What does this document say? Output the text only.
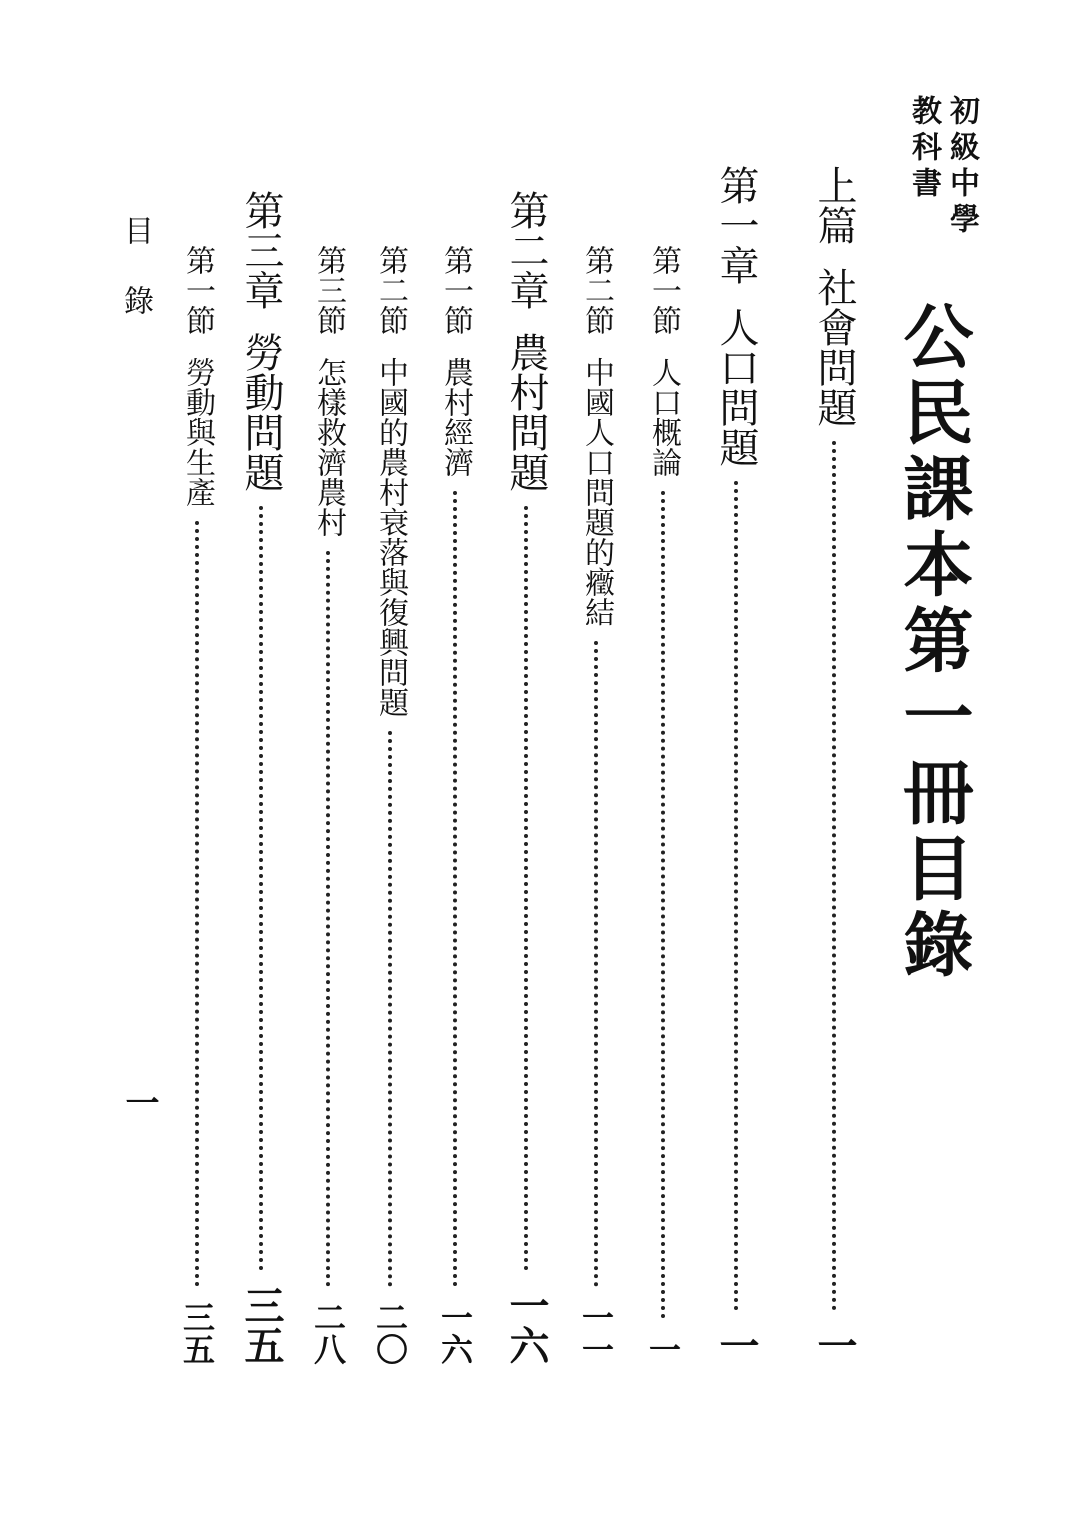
初級中學
教科書
公民課本第一冊目錄
上篇社會問題
一
第一章人口問題
一
第一節人口概論
一
第二節中國人口問題的癥結
一一
第二章農村問題
一六
第一節農村經濟
一六
第二節中國的農村衰落與復興問題
二〇
第三節怎樣救濟農村
二八
第三章勞動問題
三五
第一節勞動與生產
三五
目錄
一
